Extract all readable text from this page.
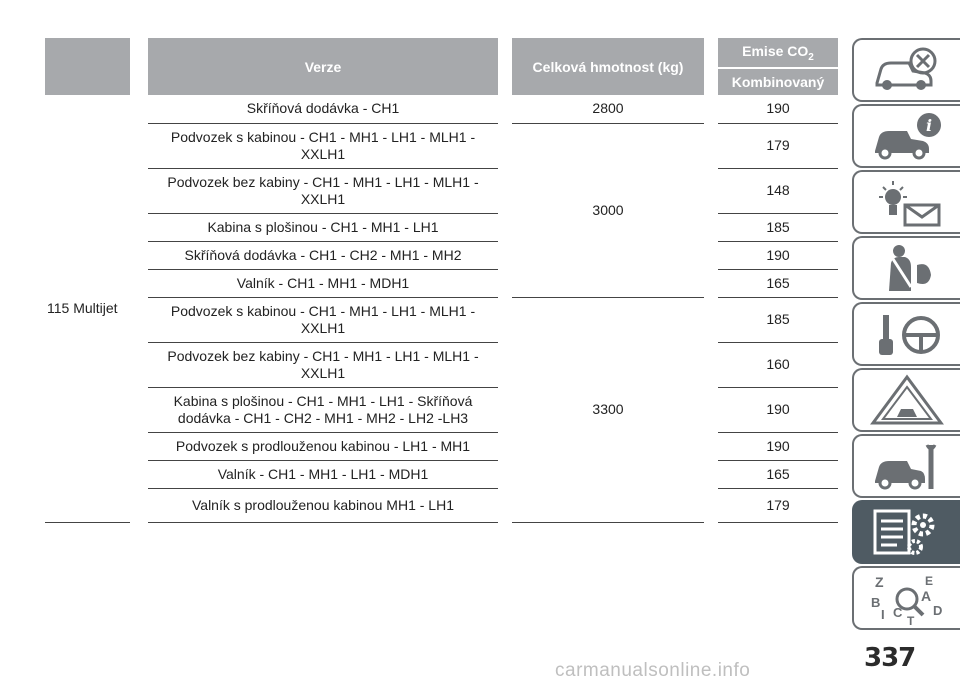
	Verze	Celková hmotnost (kg)	Emise $CO_2$
			Kombinovaný
115 Multijet	Skříňová dodávka - CH1	2800	190
	Podvozek s kabinou - CH1 - MH1 - LH1 - MLH1 - XXLH1	3000	179
	Podvozek bez kabiny - CH1 - MH1 - LH1 - MLH1 - XXLH1		148
	Kabina s plošinou - CH1 - MH1 - LH1		185
	Skříňová dodávka - CH1 - CH2 - MH1 - MH2		190
	Valník - CH1 - MH1 - MDH1		165
	Podvozek s kabinou - CH1 - MH1 - LH1 - MLH1 - XXLH1	3300	185
	Podvozek bez kabiny - CH1 - MH1 - LH1 - MLH1 - XXLH1		160
	Kabina s plošinou - CH1 - MH1 - LH1 - Skříňová dodávka - CH1 - CH2 - MH1 - MH2 - LH2 -LH3		190
	Podvozek s prodlouženou kabinou - LH1 - MH1		190
	Valník - CH1 - MH1 - LH1 - MDH1		165
	Valník s prodlouženou kabinou MH1 - LH1		179
i
Z	E
A
B
C D
I T
337
carmanualsonline.info
